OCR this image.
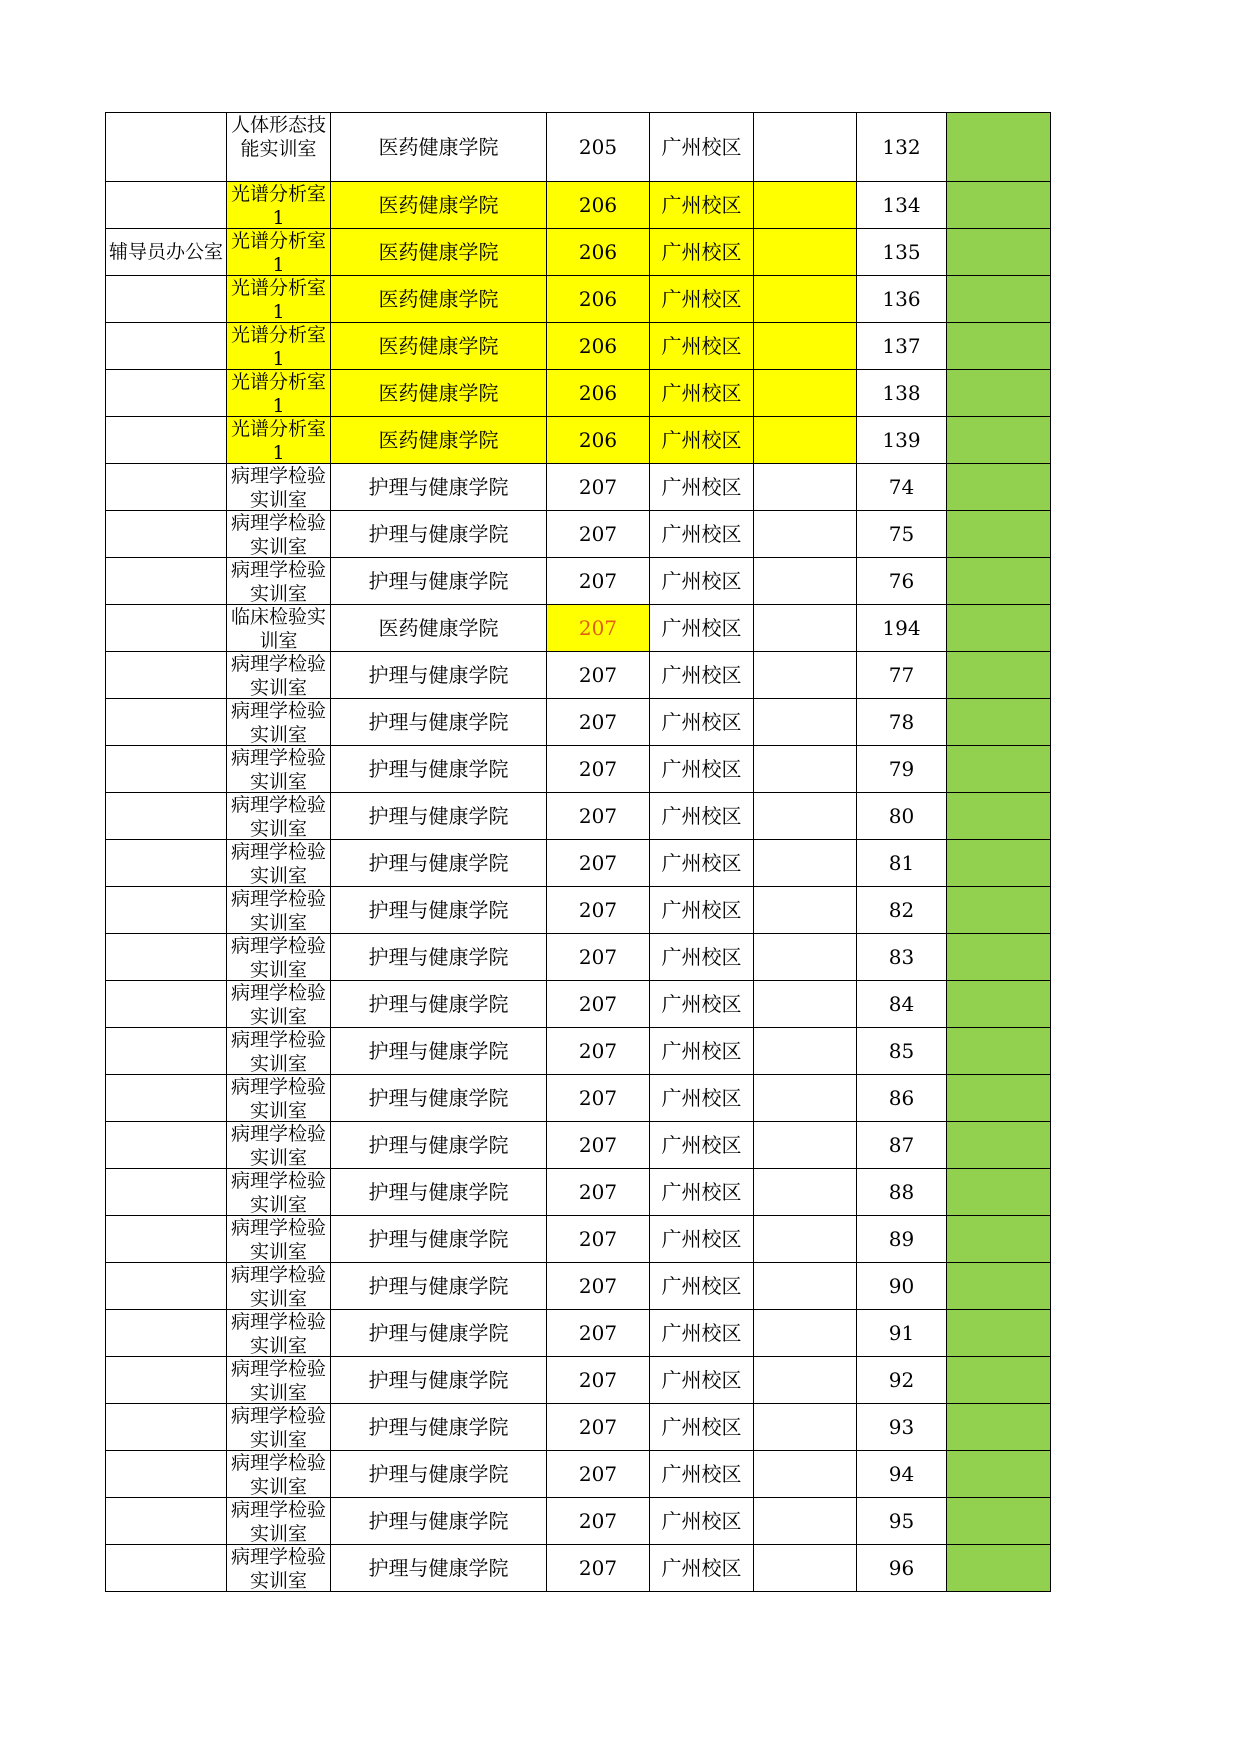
	人体形态技能实训室	医药健康学院	205	广州校区		132	

	光谱分析室1	医药健康学院	206	广州校区		134	
辅导员办公室	光谱分析室1	医药健康学院	206	广州校区		135	

	光谱分析室1	医药健康学院	206	广州校区		136	

	光谱分析室1	医药健康学院	206	广州校区		137	

	光谱分析室1	医药健康学院	206	广州校区		138	

	光谱分析室1	医药健康学院	206	广州校区		139	

	病理学检验实训室	护理与健康学院	207	广州校区		74	

	病理学检验实训室	护理与健康学院	207	广州校区		75	

	病理学检验实训室	护理与健康学院	207	广州校区		76	

	临床检验实训室	医药健康学院	207	广州校区		194	

	病理学检验实训室	护理与健康学院	207	广州校区		77	

	病理学检验实训室	护理与健康学院	207	广州校区		78	

	病理学检验实训室	护理与健康学院	207	广州校区		79	

	病理学检验实训室	护理与健康学院	207	广州校区		80	

	病理学检验实训室	护理与健康学院	207	广州校区		81	

	病理学检验实训室	护理与健康学院	207	广州校区		82	

	病理学检验实训室	护理与健康学院	207	广州校区		83	

	病理学检验实训室	护理与健康学院	207	广州校区		84	

	病理学检验实训室	护理与健康学院	207	广州校区		85	

	病理学检验实训室	护理与健康学院	207	广州校区		86	

	病理学检验实训室	护理与健康学院	207	广州校区		87	

	病理学检验实训室	护理与健康学院	207	广州校区		88	

	病理学检验实训室	护理与健康学院	207	广州校区		89	

	病理学检验实训室	护理与健康学院	207	广州校区		90	

	病理学检验实训室	护理与健康学院	207	广州校区		91	

	病理学检验实训室	护理与健康学院	207	广州校区		92	

	病理学检验实训室	护理与健康学院	207	广州校区		93	

	病理学检验实训室	护理与健康学院	207	广州校区		94	

	病理学检验实训室	护理与健康学院	207	广州校区		95	

	病理学检验实训室	护理与健康学院	207	广州校区		96	
